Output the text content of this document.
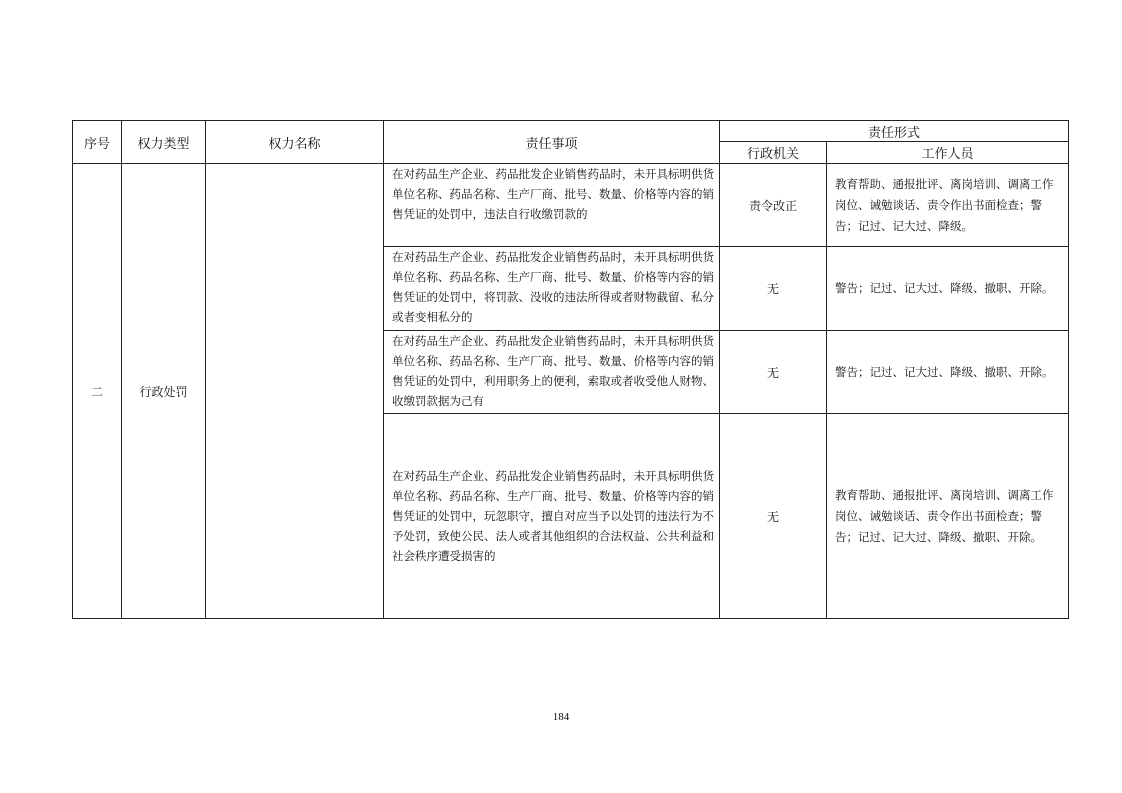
序号	权力类型	权力名称	责任事项	责任形式	
				行政机关	工作人员
二	行政处罚		在对药品生产企业、药品批发企业销售药品时，未开具标明供货单位名称、药品名称、生产厂商、批号、数量、价格等内容的销售凭证的处罚中，违法自行收缴罚款的	责令改正	教育帮助、通报批评、离岗培训、调离工作岗位、诫勉谈话、责令作出书面检查；警告；记过、记大过、降级。
			在对药品生产企业、药品批发企业销售药品时，未开具标明供货单位名称、药品名称、生产厂商、批号、数量、价格等内容的销售凭证的处罚中，将罚款、没收的违法所得或者财物截留、私分或者变相私分的	无	警告；记过、记大过、降级、撤职、开除。
			在对药品生产企业、药品批发企业销售药品时，未开具标明供货单位名称、药品名称、生产厂商、批号、数量、价格等内容的销售凭证的处罚中，利用职务上的便利，索取或者收受他人财物、收缴罚款据为己有	无	警告；记过、记大过、降级、撤职、开除。
			在对药品生产企业、药品批发企业销售药品时，未开具标明供货单位名称、药品名称、生产厂商、批号、数量、价格等内容的销售凭证的处罚中，玩忽职守，擅自对应当予以处罚的违法行为不予处罚，致使公民、法人或者其他组织的合法权益、公共利益和社会秩序遭受损害的	无	教育帮助、通报批评、离岗培训、调离工作岗位、诫勉谈话、责令作出书面检查；警告；记过、记大过、降级、撤职、开除。
184
